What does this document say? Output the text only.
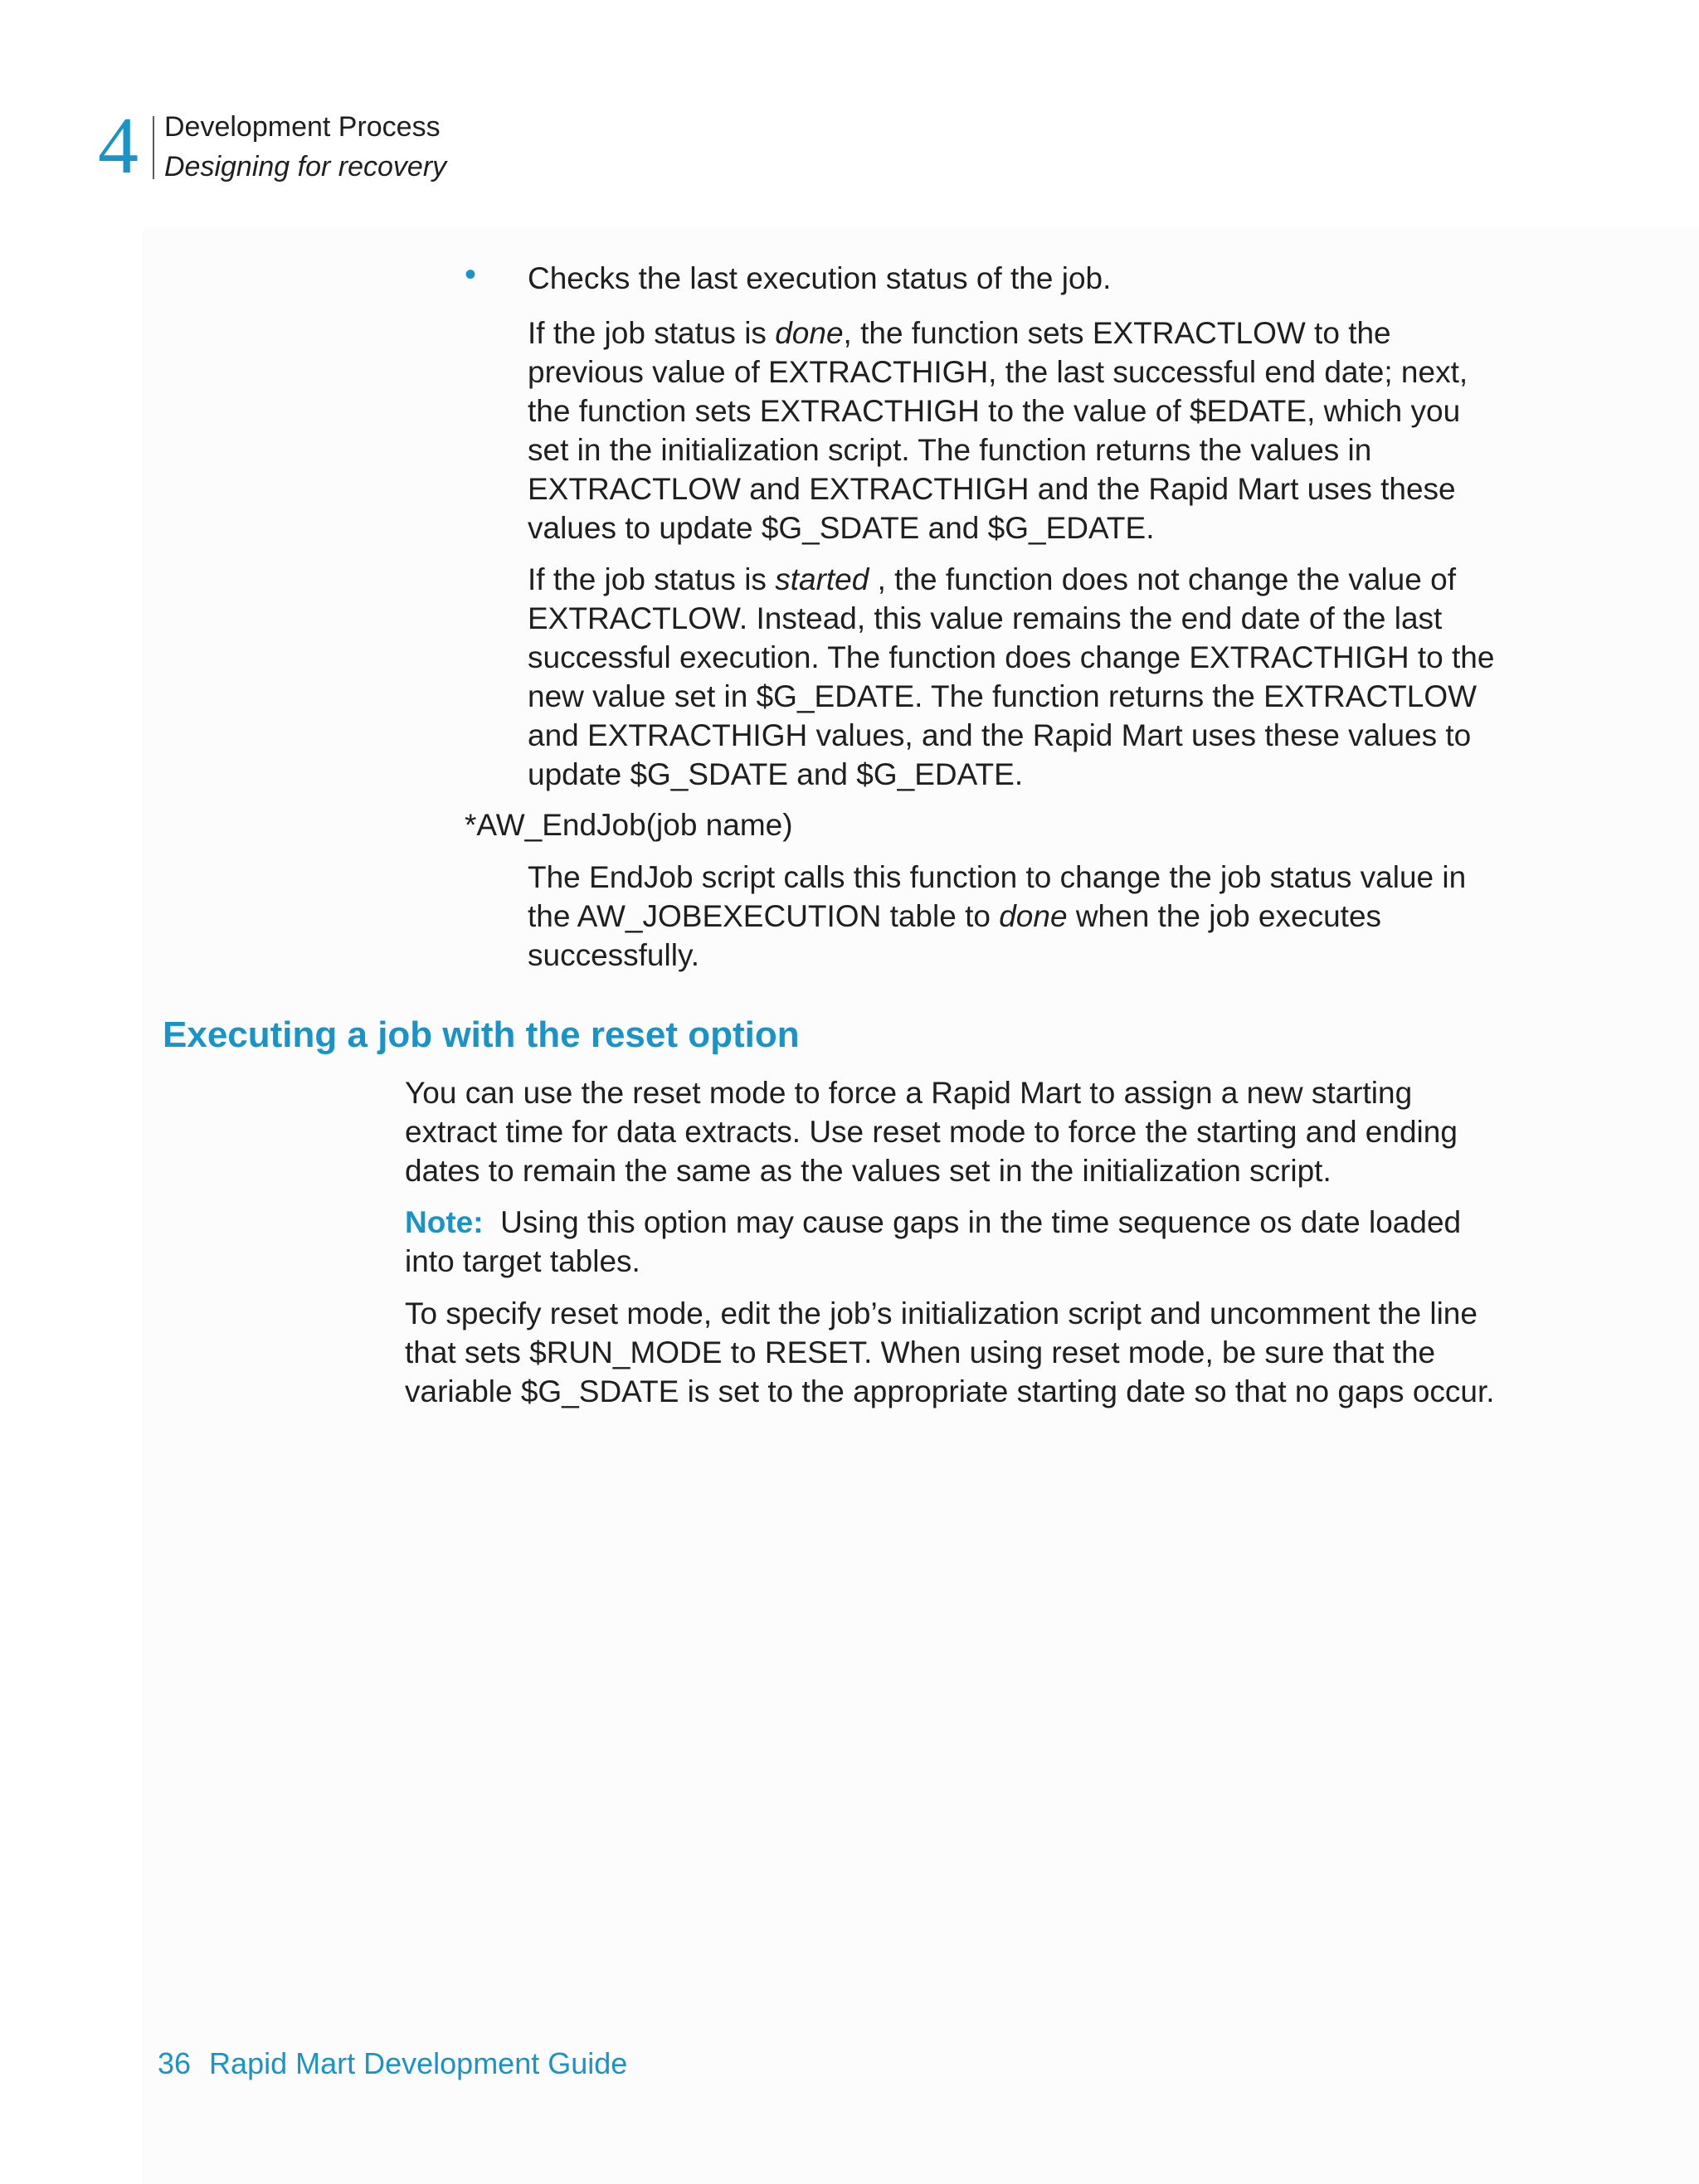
4 Development Process
Designing for recovery
• Checks the last execution status of the job.

If the job status is done, the function sets EXTRACTLOW to the previous value of EXTRACTHIGH, the last successful end date; next, the function sets EXTRACTHIGH to the value of $EDATE, which you set in the initialization script. The function returns the values in EXTRACTLOW and EXTRACTHIGH and the Rapid Mart uses these values to update $G_SDATE and $G_EDATE.

If the job status is started , the function does not change the value of EXTRACTLOW. Instead, this value remains the end date of the last successful execution. The function does change EXTRACTHIGH to the new value set in $G_EDATE. The function returns the EXTRACTLOW and EXTRACTHIGH values, and the Rapid Mart uses these values to update $G_SDATE and $G_EDATE.

*AW_EndJob(job name)

The EndJob script calls this function to change the job status value in the AW_JOBEXECUTION table to done when the job executes successfully.

Executing a job with the reset option
You can use the reset mode to force a Rapid Mart to assign a new starting extract time for data extracts. Use reset mode to force the starting and ending dates to remain the same as the values set in the initialization script.

Note: Using this option may cause gaps in the time sequence os date loaded into target tables.

To specify reset mode, edit the job’s initialization script and uncomment the line that sets $RUN_MODE to RESET. When using reset mode, be sure that the variable $G_SDATE is set to the appropriate starting date so that no gaps occur.
36 Rapid Mart Development Guide
